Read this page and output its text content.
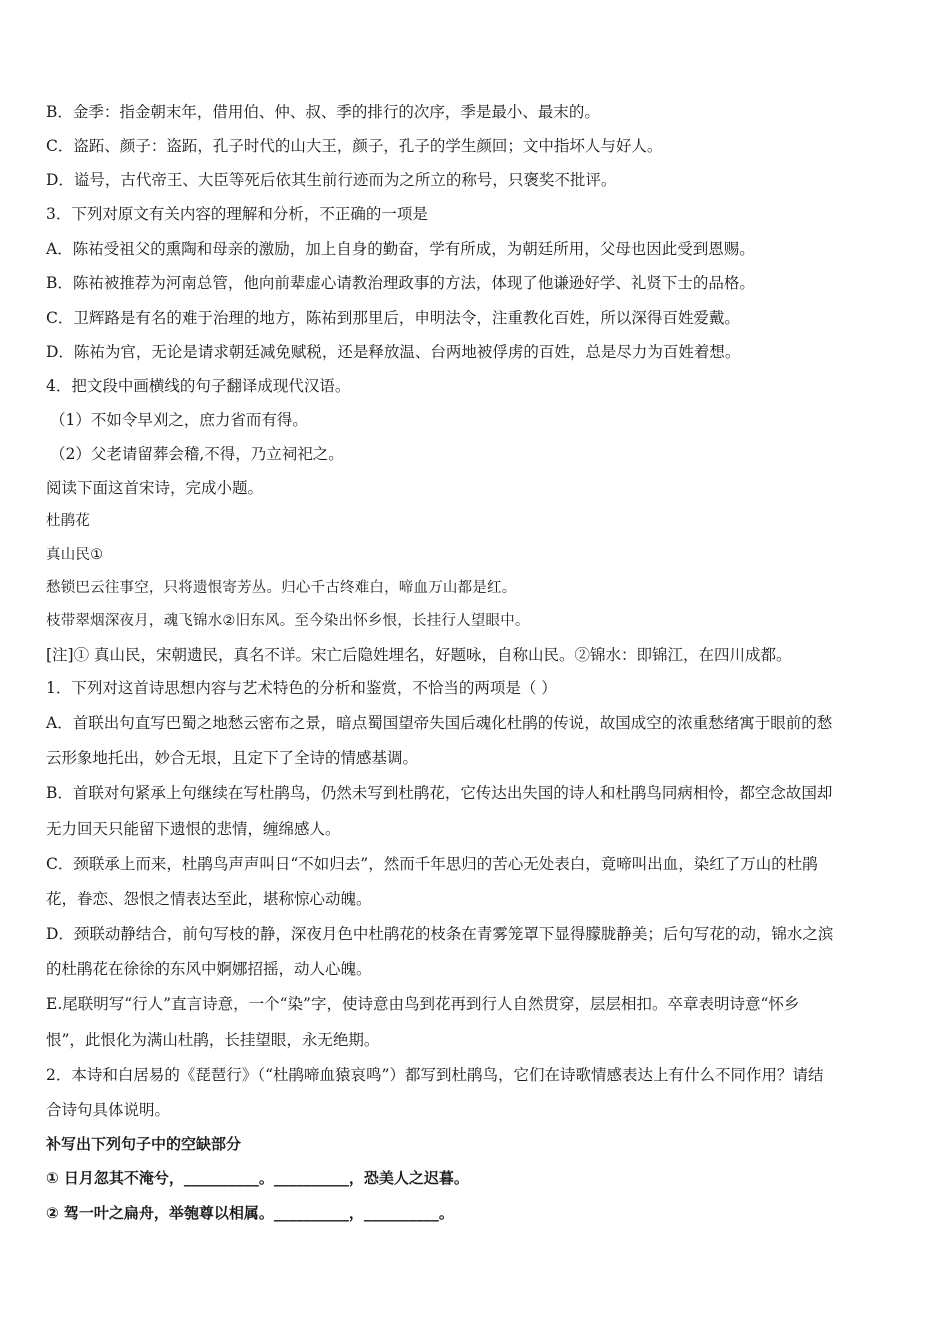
B．金季：指金朝末年，借用伯、仲、叔、季的排行的次序，季是最小、最末的。
C．盗跖、颜子：盗跖，孔子时代的山大王，颜子，孔子的学生颜回；文中指坏人与好人。
D．谥号，古代帝王、大臣等死后依其生前行迹而为之所立的称号，只褒奖不批评。
3．下列对原文有关内容的理解和分析，不正确的一项是
A．陈祐受祖父的熏陶和母亲的激励，加上自身的勤奋，学有所成，为朝廷所用，父母也因此受到恩赐。
B．陈祐被推荐为河南总管，他向前辈虚心请教治理政事的方法，体现了他谦逊好学、礼贤下士的品格。
C．卫辉路是有名的难于治理的地方，陈祐到那里后，申明法令，注重教化百姓，所以深得百姓爱戴。
D．陈祐为官，无论是请求朝廷减免赋税，还是释放温、台两地被俘虏的百姓，总是尽力为百姓着想。
4．把文段中画横线的句子翻译成现代汉语。
（1）不如令早刈之，庶力省而有得。
（2）父老请留葬会稽,不得，乃立祠祀之。
阅读下面这首宋诗，完成小题。
杜鹃花
真山民①
愁锁巴云往事空，只将遗恨寄芳丛。归心千古终难白，啼血万山都是红。
枝带翠烟深夜月，魂飞锦水②旧东风。至今染出怀乡恨，长挂行人望眼中。
[注]① 真山民，宋朝遗民，真名不详。宋亡后隐姓埋名，好题咏，自称山民。②锦水：即锦江，在四川成都。
1．下列对这首诗思想内容与艺术特色的分析和鉴赏，不恰当的两项是（ ）
A．首联出句直写巴蜀之地愁云密布之景，暗点蜀国望帝失国后魂化杜鹃的传说，故国成空的浓重愁绪寓于眼前的愁
云形象地托出，妙合无垠，且定下了全诗的情感基调。
B．首联对句紧承上句继续在写杜鹃鸟，仍然未写到杜鹃花，它传达出失国的诗人和杜鹃鸟同病相怜，都空念故国却
无力回天只能留下遗恨的悲情，缠绵感人。
C．颈联承上而来，杜鹃鸟声声叫日“不如归去”，然而千年思归的苦心无处表白，竟啼叫出血，染红了万山的杜鹃
花，眷恋、怨恨之情表达至此，堪称惊心动魄。
D．颈联动静结合，前句写枝的静，深夜月色中杜鹃花的枝条在青雾笼罩下显得朦胧静美；后句写花的动，锦水之滨
的杜鹃花在徐徐的东风中婀娜招摇，动人心魄。
E.尾联明写“行人”直言诗意，一个“染”字，使诗意由鸟到花再到行人自然贯穿，层层相扣。卒章表明诗意“怀乡
恨”，此恨化为满山杜鹃，长挂望眼，永无绝期。
2．本诗和白居易的《琵琶行》（“杜鹃啼血猿哀鸣”）都写到杜鹃鸟，它们在诗歌情感表达上有什么不同作用？请结
合诗句具体说明。
补写出下列句子中的空缺部分
① 日月忽其不淹兮，__________。__________，恐美人之迟暮。
② 驾一叶之扁舟，举匏尊以相属。__________，__________。
